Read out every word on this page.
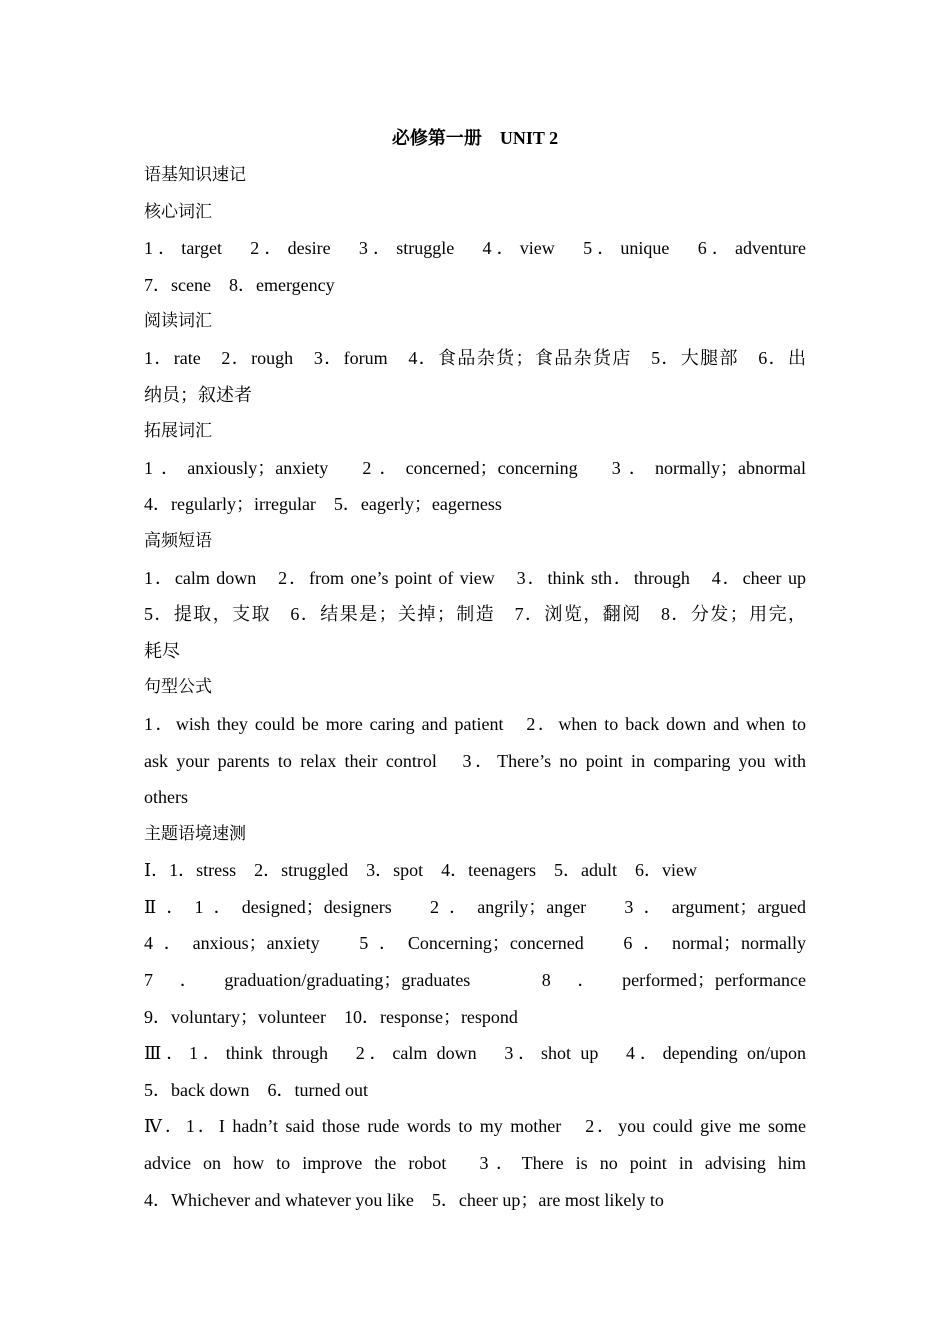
必修第一册　UNIT 2
语基知识速记
核心词汇
1．target　2．desire　3．struggle　4．view　5．unique　6．adventure
7．scene　8．emergency
阅读词汇
1．rate　2．rough　3．forum　4．食品杂货；食品杂货店　5．大腿部　6．出
纳员；叙述者
拓展词汇
1．anxiously；anxiety　2．concerned；concerning　3．normally；abnormal
4．regularly；irregular　5．eagerly；eagerness
高频短语
1．calm down　2．from one’s point of view　3．think sth．through　4．cheer up
5．提取，支取　6．结果是；关掉；制造　7．浏览，翻阅　8．分发；用完，
耗尽
句型公式
1．wish they could be more caring and patient　2．when to back down and when to
ask your parents to relax their control　3．There’s no point in comparing you with
others
主题语境速测
Ⅰ．1．stress　2．struggled　3．spot　4．teenagers　5．adult　6．view
Ⅱ．1．designed；designers　2．angrily；anger　3．argument；argued
4．anxious；anxiety　5．Concerning；concerned　6．normal；normally
7．graduation/graduating；graduates　8．performed；performance
9．voluntary；volunteer　10．response；respond
Ⅲ．1．think through　2．calm down　3．shot up　4．depending on/upon
5．back down　6．turned out
Ⅳ．1．I hadn’t said those rude words to my mother　2．you could give me some
advice on how to improve the robot　3．There is no point in advising him
4．Whichever and whatever you like　5．cheer up；are most likely to
